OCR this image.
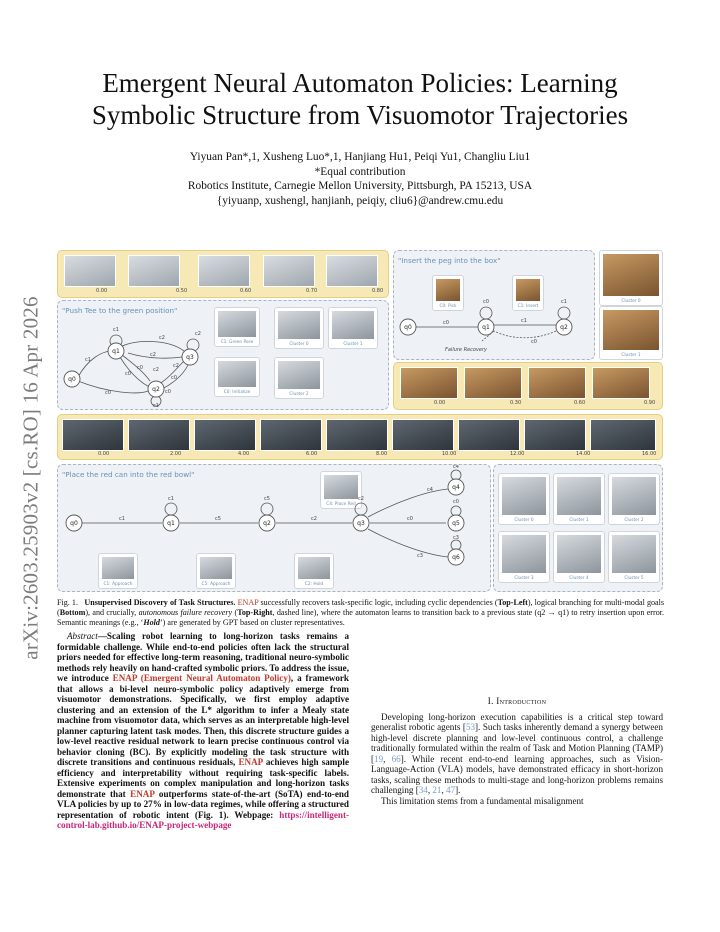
arXiv:2603.25903v2 [cs.RO] 16 Apr 2026
Emergent Neural Automaton Policies: Learning
Symbolic Structure from Visuomotor Trajectories
Yiyuan Pan*,1, Xusheng Luo*,1, Hanjiang Hu1, Peiqi Yu1, Changliu Liu1
*Equal contribution
Robotics Institute, Carnegie Mellon University, Pittsburgh, PA 15213, USA
{yiyuanp, xushengl, hanjianh, peiqiy, cliu6}@andrew.cmu.edu
0.00	0.50	0.60	0.70	0.80
"Push Tee to the green position"
q0
q1
q2
q3
c1
c0
c1
c2
c2
c0	c2
c0
c2
c0
c1
c0
c2
C1: Green Pose
C0: Initialize
Cluster 0	Cluster 1
Cluster 2
"Insert the peg into the box"
C0: Pick	C1: Insert
q0	q1	q2
c0
c0
c1
c1
c0
Failure Recovery
Cluster 0
Cluster 1
0.00	0.30	0.60	0.90
0.00	2.00	4.00	6.00	8.00	10.00	12.00	14.00	16.00
"Place the red can into the red bowl"
C1: Approach	C5: Approach	C2: Hold
C4: Place Red
q0	q1	q2	q3
q4
q5
q6
c1
c1
c5
c5
c2
c2
c4
c4
c0
c0
c3
c3
Cluster 0	Cluster 1	Cluster 2
Cluster 3	Cluster 4	Cluster 5
Fig. 1. Unsupervised Discovery of Task Structures. ENAP successfully recovers task-specific logic, including cyclic dependencies (Top-Left), logical branching for multi-modal goals (Bottom), and crucially, autonomous failure recovery (Top-Right, dashed line), where the automaton learns to transition back to a previous state (q2 → q1) to retry insertion upon error. Semantic meanings (e.g., ‘Hold’) are generated by GPT based on cluster representatives.

Abstract—Scaling robot learning to long-horizon tasks remains a formidable challenge. While end-to-end policies often lack the structural priors needed for effective long-term reasoning, traditional neuro-symbolic methods rely heavily on hand-crafted symbolic priors. To address the issue, we introduce ENAP (Emergent Neural Automaton Policy), a framework that allows a bi-level neuro-symbolic policy adaptively emerge from visuomotor demonstrations. Specifically, we first employ adaptive clustering and an extension of the L* algorithm to infer a Mealy state machine from visuomotor data, which serves as an interpretable high-level planner capturing latent task modes. Then, this discrete structure guides a low-level reactive residual network to learn precise continuous control via behavior cloning (BC). By explicitly modeling the task structure with discrete transitions and continuous residuals, ENAP achieves high sample efficiency and interpretability without requiring task-specific labels. Extensive experiments on complex manipulation and long-horizon tasks demonstrate that ENAP outperforms state-of-the-art (SoTA) end-to-end VLA policies by up to 27% in low-data regimes, while offering a structured representation of robotic intent (Fig. 1). Webpage: https://intelligent-control-lab.github.io/ENAP-project-webpage

I. Introduction

Developing long-horizon execution capabilities is a critical step toward generalist robotic agents [53]. Such tasks inherently demand a synergy between high-level discrete planning and low-level continuous control, a challenge traditionally formulated within the realm of Task and Motion Planning (TAMP) [19, 66]. While recent end-to-end learning approaches, such as Vision-Language-Action (VLA) models, have demonstrated efficacy in short-horizon tasks, scaling these methods to multi-stage and long-horizon problems remains challenging [34, 21, 47].

This limitation stems from a fundamental misalignment
